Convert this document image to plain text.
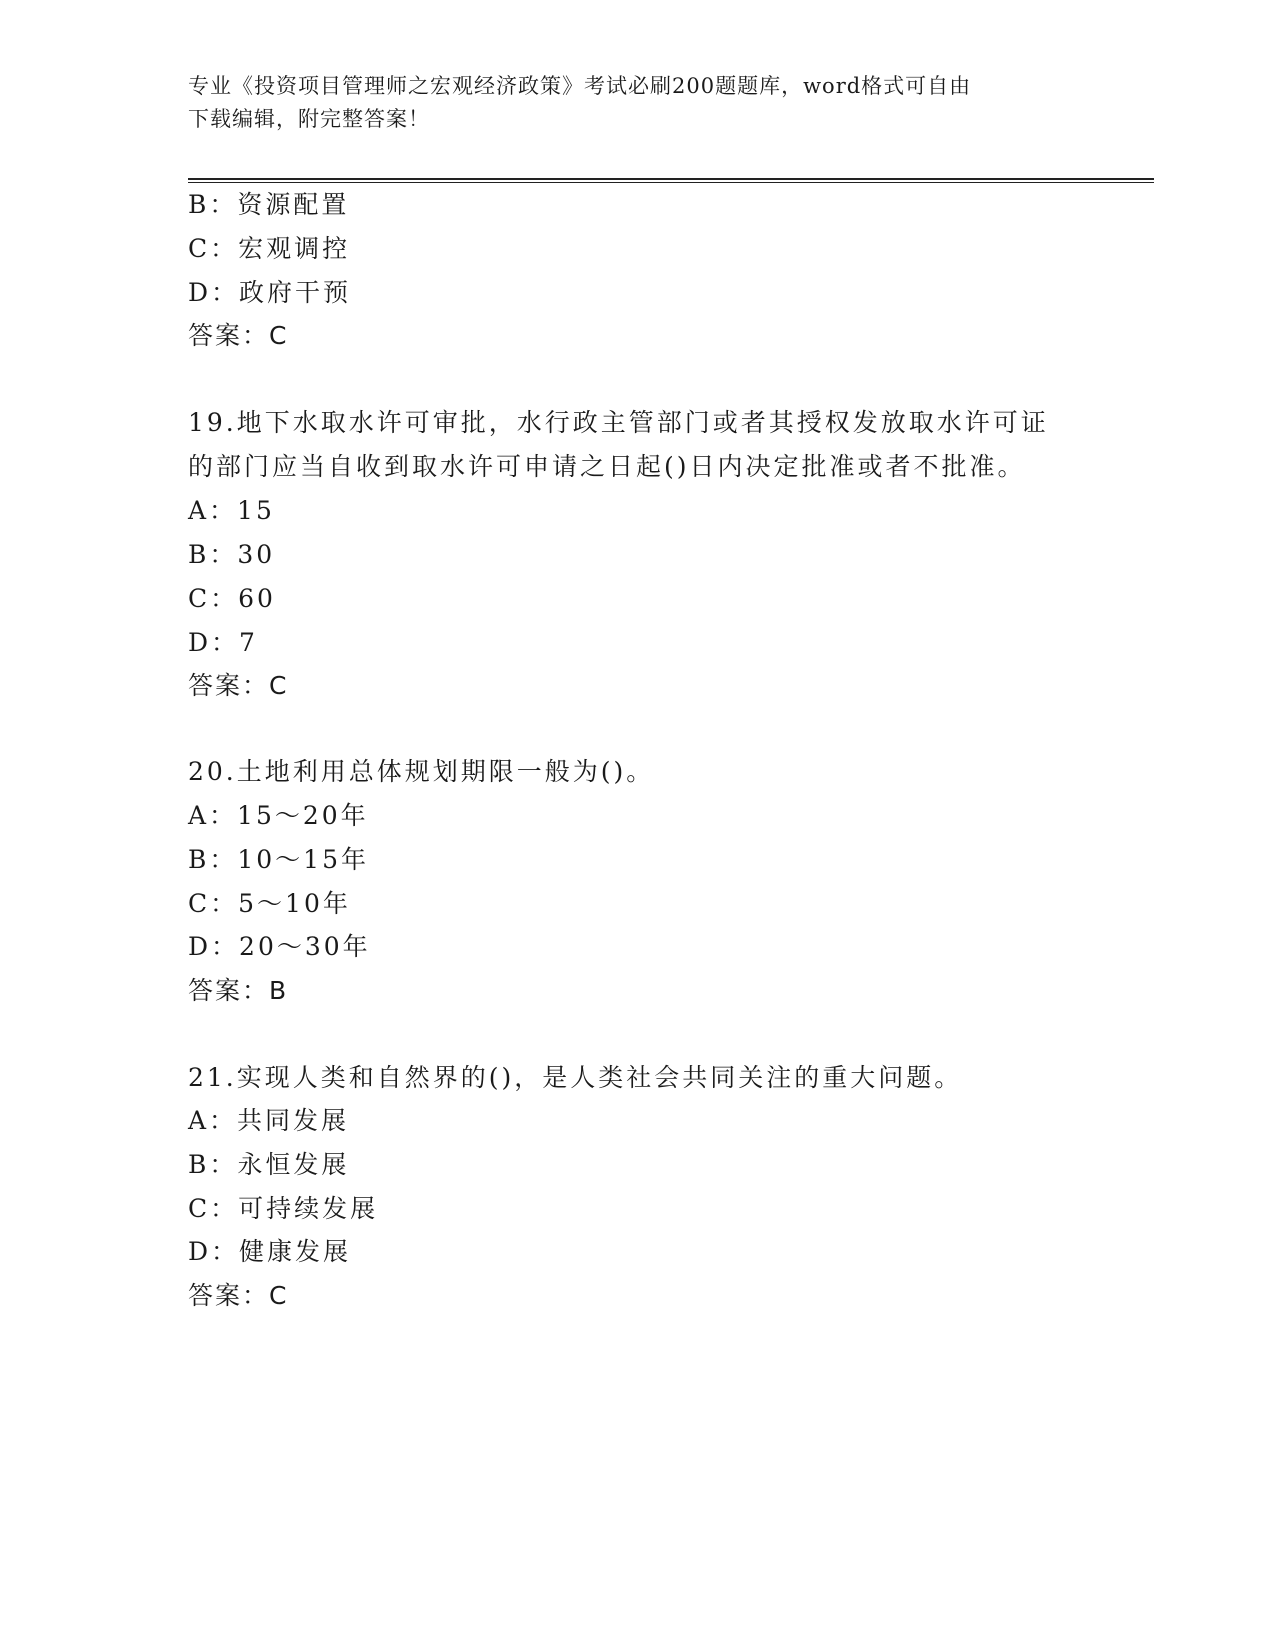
专业《投资项目管理师之宏观经济政策》考试必刷200题题库，word格式可自由
下载编辑，附完整答案！
B：资源配置
C：宏观调控
D：政府干预
答案：C
19.地下水取水许可审批，水行政主管部门或者其授权发放取水许可证
的部门应当自收到取水许可申请之日起()日内决定批准或者不批准。
A：15
B：30
C：60
D：7
答案：C
20.土地利用总体规划期限一般为()。
A：15～20年
B：10～15年
C：5～10年
D：20～30年
答案：B
21.实现人类和自然界的()，是人类社会共同关注的重大问题。
A：共同发展
B：永恒发展
C：可持续发展
D：健康发展
答案：C
